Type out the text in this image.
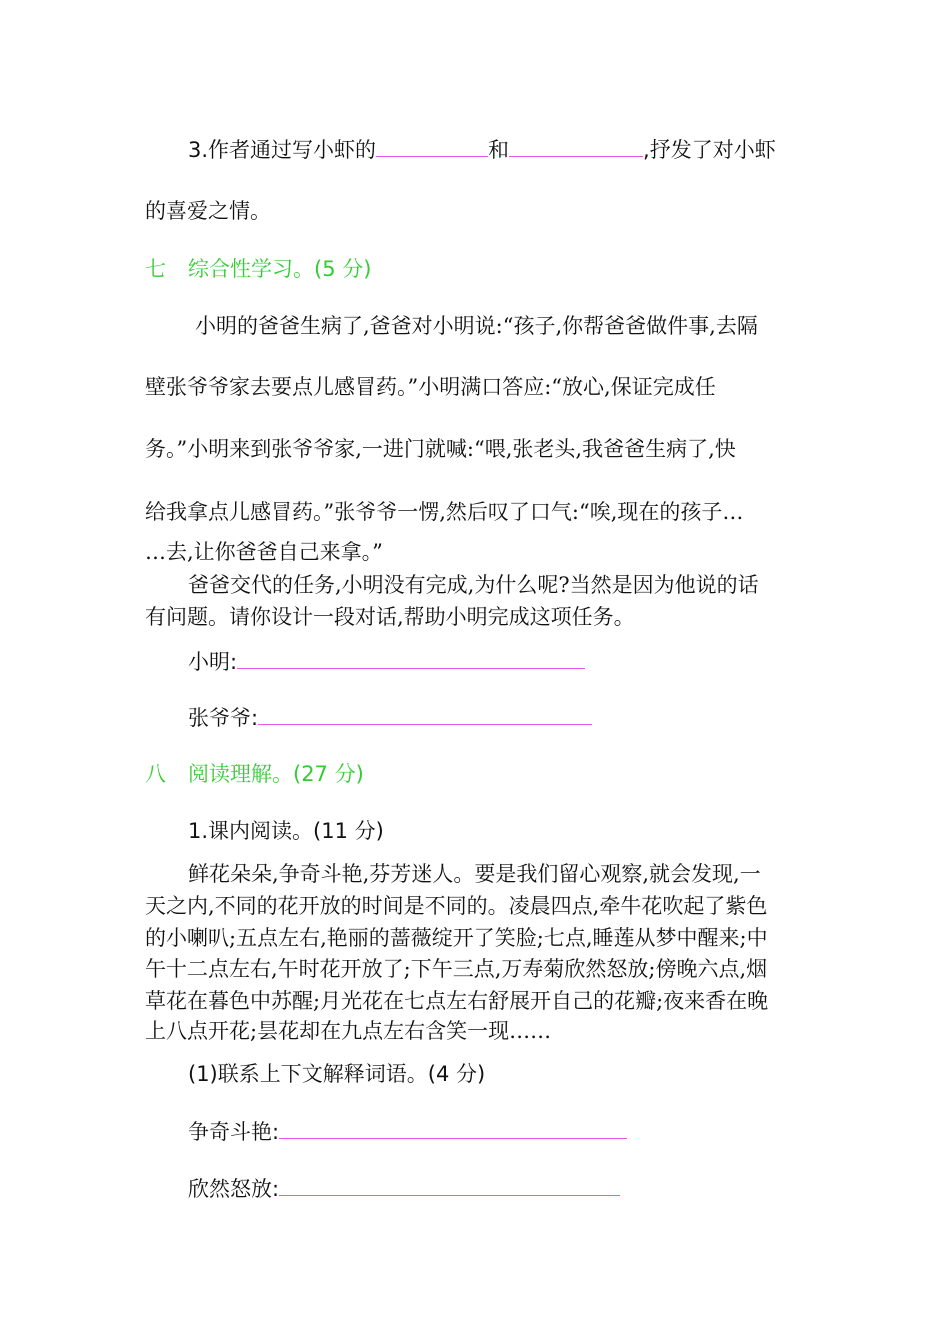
3.作者通过写小虾的	和	,抒发了对小虾
的喜爱之情。
七 综合性学习。(5 分)
小明的爸爸生病了,爸爸对小明说:“孩子,你帮爸爸做件事,去隔
壁张爷爷家去要点儿感冒药。”小明满口答应:“放心,保证完成任
务。”小明来到张爷爷家,一进门就喊:“喂,张老头,我爸爸生病了,快
给我拿点儿感冒药。”张爷爷一愣,然后叹了口气:“唉,现在的孩子…
…去,让你爸爸自己来拿。”
爸爸交代的任务,小明没有完成,为什么呢?当然是因为他说的话
有问题。请你设计一段对话,帮助小明完成这项任务。
小明:
张爷爷:
八 阅读理解。(27 分)
1.课内阅读。(11 分)
鲜花朵朵,争奇斗艳,芬芳迷人。要是我们留心观察,就会发现,一
天之内,不同的花开放的时间是不同的。凌晨四点,牵牛花吹起了紫色
的小喇叭;五点左右,艳丽的蔷薇绽开了笑脸;七点,睡莲从梦中醒来;中
午十二点左右,午时花开放了;下午三点,万寿菊欣然怒放;傍晚六点,烟
草花在暮色中苏醒;月光花在七点左右舒展开自己的花瓣;夜来香在晚
上八点开花;昙花却在九点左右含笑一现……
(1)联系上下文解释词语。(4 分)
争奇斗艳:
欣然怒放:
